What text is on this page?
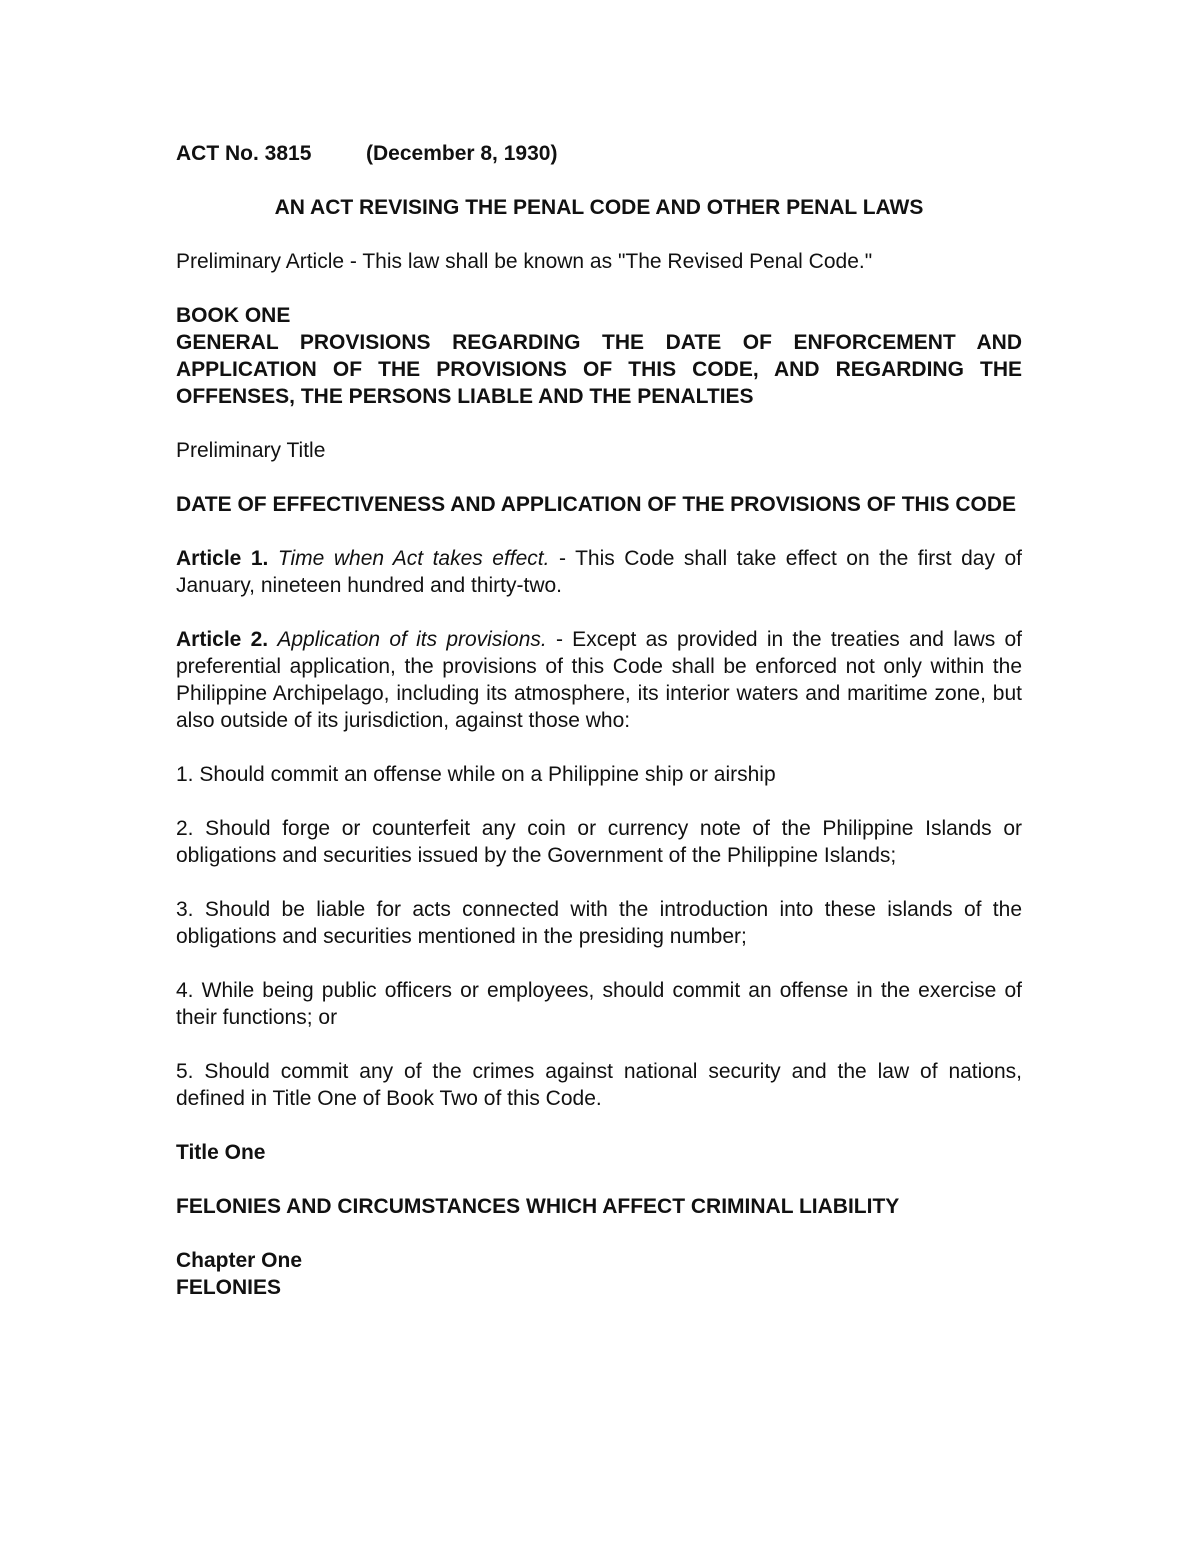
ACT No. 3815	(December 8, 1930)

AN ACT REVISING THE PENAL CODE AND OTHER PENAL LAWS

Preliminary Article - This law shall be known as "The Revised Penal Code."

BOOK ONE

GENERAL PROVISIONS REGARDING THE DATE OF ENFORCEMENT AND APPLICATION OF THE PROVISIONS OF THIS CODE, AND REGARDING THE OFFENSES, THE PERSONS LIABLE AND THE PENALTIES

Preliminary Title

DATE OF EFFECTIVENESS AND APPLICATION OF THE PROVISIONS OF THIS CODE

Article 1. Time when Act takes effect. - This Code shall take effect on the first day of January, nineteen hundred and thirty-two.

Article 2. Application of its provisions. - Except as provided in the treaties and laws of preferential application, the provisions of this Code shall be enforced not only within the Philippine Archipelago, including its atmosphere, its interior waters and maritime zone, but also outside of its jurisdiction, against those who:

1. Should commit an offense while on a Philippine ship or airship

2. Should forge or counterfeit any coin or currency note of the Philippine Islands or obligations and securities issued by the Government of the Philippine Islands;

3. Should be liable for acts connected with the introduction into these islands of the obligations and securities mentioned in the presiding number;

4. While being public officers or employees, should commit an offense in the exercise of their functions; or

5. Should commit any of the crimes against national security and the law of nations, defined in Title One of Book Two of this Code.

Title One

FELONIES AND CIRCUMSTANCES WHICH AFFECT CRIMINAL LIABILITY

Chapter One

FELONIES
